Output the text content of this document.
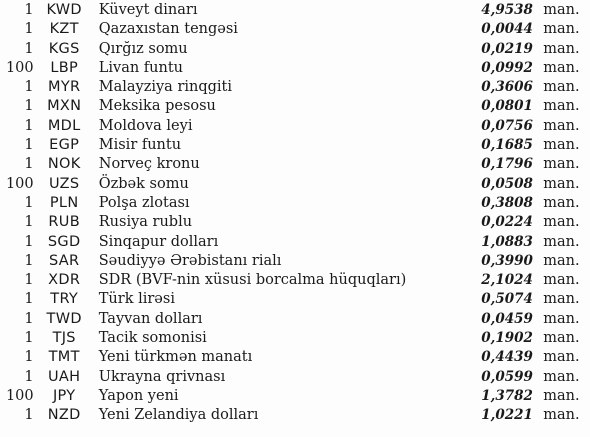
1	KWD	Küveyt dinarı	4,9538	man.
1	KZT	Qazaxıstan tengəsi	0,0044	man.
1	KGS	Qırğız somu	0,0219	man.
100	LBP	Livan funtu	0,0992	man.
1	MYR	Malayziya rinqgiti	0,3606	man.
1	MXN	Meksika pesosu	0,0801	man.
1	MDL	Moldova leyi	0,0756	man.
1	EGP	Misir funtu	0,1685	man.
1	NOK	Norveç kronu	0,1796	man.
100	UZS	Özbək somu	0,0508	man.
1	PLN	Polşa zlotası	0,3808	man.
1	RUB	Rusiya rublu	0,0224	man.
1	SGD	Sinqapur dolları	1,0883	man.
1	SAR	Səudiyyə Ərəbistanı rialı	0,3990	man.
1	XDR	SDR (BVF-nin xüsusi borcalma hüquqları)	2,1024	man.
1	TRY	Türk lirəsi	0,5074	man.
1	TWD	Tayvan dolları	0,0459	man.
1	TJS	Tacik somonisi	0,1902	man.
1	TMT	Yeni türkmən manatı	0,4439	man.
1	UAH	Ukrayna qrivnası	0,0599	man.
100	JPY	Yapon yeni	1,3782	man.
1	NZD	Yeni Zelandiya dolları	1,0221	man.
